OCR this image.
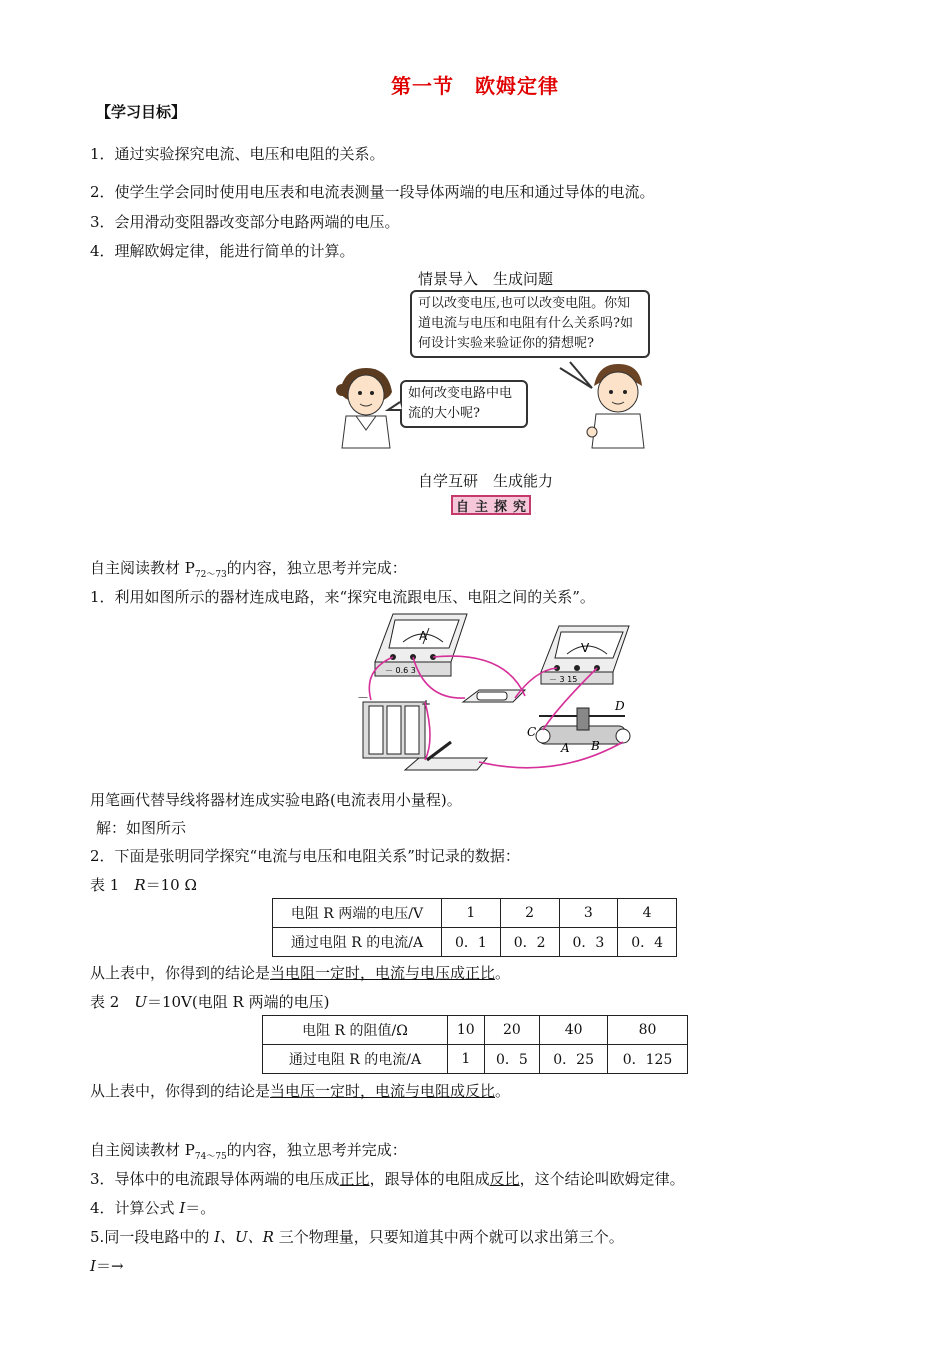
第一节　欧姆定律
【学习目标】
1．通过实验探究电流、电压和电阻的关系。
2．使学生学会同时使用电压表和电流表测量一段导体两端的电压和通过导体的电流。
3．会用滑动变阻器改变部分电路两端的电压。
4．理解欧姆定律，能进行简单的计算。
情景导入　生成问题
可以改变电压,也可以改变电阻。你知道电流与电压和电阻有什么关系吗?如何设计实验来验证你的猜想呢?
如何改变电路中电流的大小呢?
自学互研　生成能力
自 主 探 究
自主阅读教材 $P_{72\sim 73}$的内容，独立思考并完成：
1．利用如图所示的器材连成电路，来“探究电流跟电压、电阻之间的关系”。
A
－ 0.6 3
V
－ 3 15
－	+
C
D
A B
用笔画代替导线将器材连成实验电路(电流表用小量程)。
解：如图所示
2．下面是张明同学探究“电流与电压和电阻关系”时记录的数据：
表 1　R＝10 Ω
电阻 R 两端的电压/V	1	2	3	4
通过电阻 R 的电流/A	0．1	0．2	0．3	0．4
从上表中，你得到的结论是当电阻一定时，电流与电压成正比。
表 2　U＝10V(电阻 R 两端的电压)
电阻 R 的阻值/Ω	10	20	40	80
通过电阻 R 的电流/A	1	0．5	0．25	0．125
从上表中，你得到的结论是当电压一定时，电流与电阻成反比。
自主阅读教材 $P_{74\sim 75}$的内容，独立思考并完成：
3．导体中的电流跟导体两端的电压成正比，跟导体的电阻成反比，这个结论叫欧姆定律。
4．计算公式 I＝。
5.同一段电路中的 I、U、R 三个物理量，只要知道其中两个就可以求出第三个。
I＝→
